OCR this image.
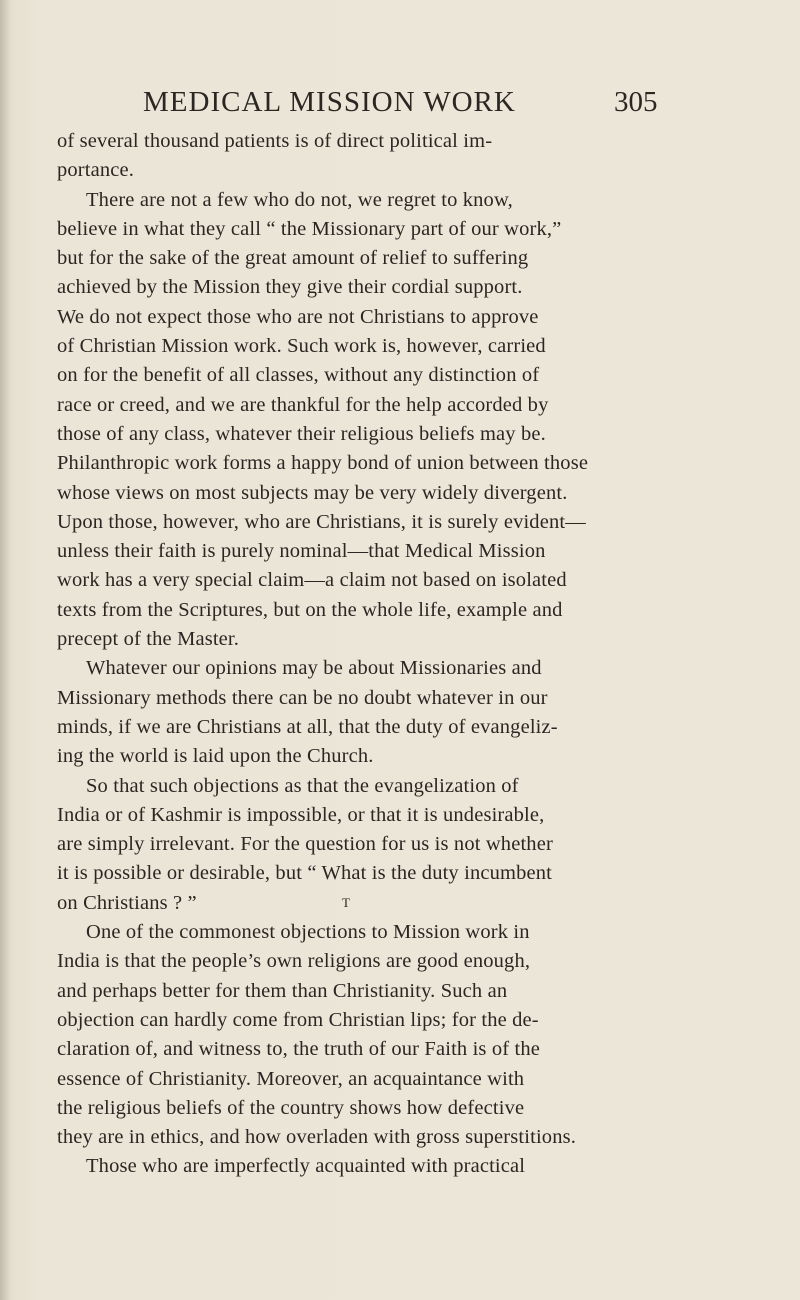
MEDICAL MISSION WORK	305
of several thousand patients is of direct political im-
portance.
There are not a few who do not, we regret to know,
believe in what they call “ the Missionary part of our work,”
but for the sake of the great amount of relief to suffering
achieved by the Mission they give their cordial support.
We do not expect those who are not Christians to approve
of Christian Mission work. Such work is, however, carried
on for the benefit of all classes, without any distinction of
race or creed, and we are thankful for the help accorded by
those of any class, whatever their religious beliefs may be.
Philanthropic work forms a happy bond of union between those
whose views on most subjects may be very widely divergent.
Upon those, however, who are Christians, it is surely evident—
unless their faith is purely nominal—that Medical Mission
work has a very special claim—a claim not based on isolated
texts from the Scriptures, but on the whole life, example and
precept of the Master.
Whatever our opinions may be about Missionaries and
Missionary methods there can be no doubt whatever in our
minds, if we are Christians at all, that the duty of evangeliz-
ing the world is laid upon the Church.
So that such objections as that the evangelization of
India or of Kashmir is impossible, or that it is undesirable,
are simply irrelevant. For the question for us is not whether
it is possible or desirable, but “ What is the duty incumbent
on Christians ? ”
One of the commonest objections to Mission work in
India is that the people’s own religions are good enough,
and perhaps better for them than Christianity. Such an
objection can hardly come from Christian lips; for the de-
claration of, and witness to, the truth of our Faith is of the
essence of Christianity. Moreover, an acquaintance with
the religious beliefs of the country shows how defective
they are in ethics, and how overladen with gross superstitions.
Those who are imperfectly acquainted with practical
T
